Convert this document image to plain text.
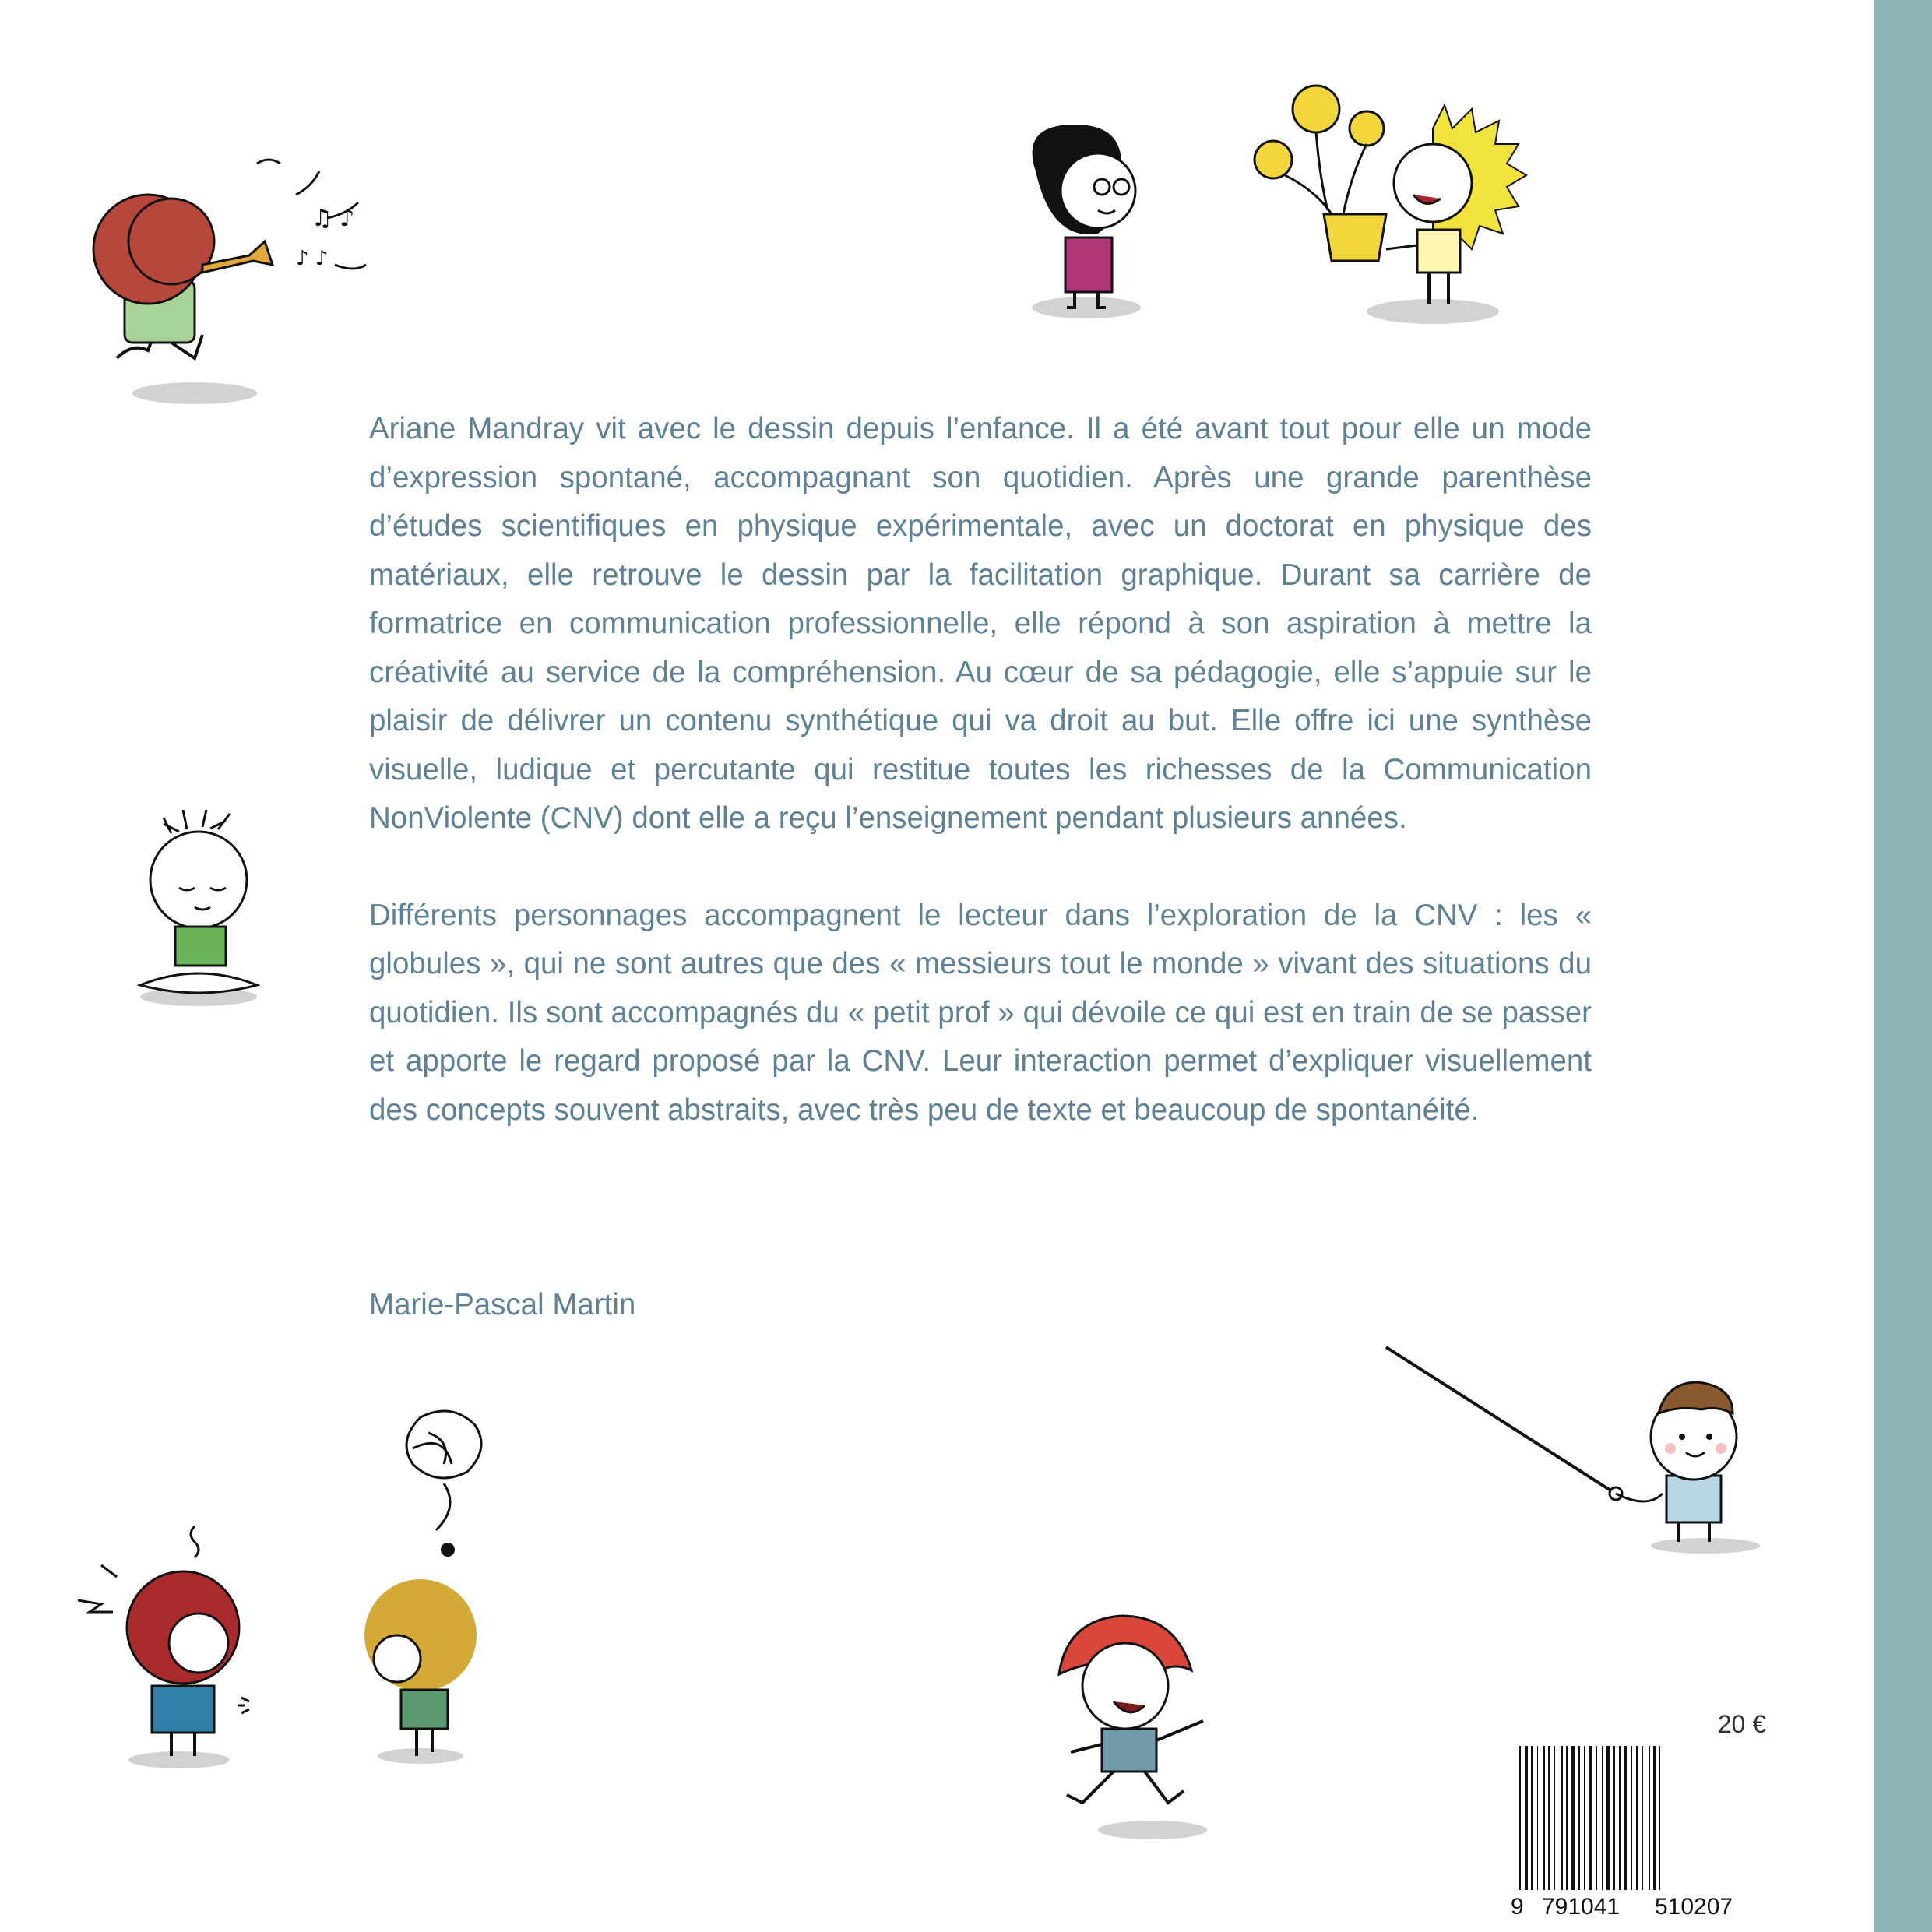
♫ ♪
♪ ♪

Ariane Mandray vit avec le dessin depuis l’enfance. Il a été avant tout pour elle un mode d’expression spontané, accompagnant son quotidien. Après une grande parenthèse d’études scientifiques en physique expérimentale, avec un doctorat en physique des matériaux, elle retrouve le dessin par la facilitation graphique. Durant sa carrière de formatrice en communication professionnelle, elle répond à son aspiration à mettre la créativité au service de la compréhension. Au cœur de sa pédagogie, elle s’appuie sur le plaisir de délivrer un contenu synthétique qui va droit au but. Elle offre ici une synthèse visuelle, ludique et percutante qui restitue toutes les richesses de la Communication NonViolente (CNV) dont elle a reçu l’enseignement pendant plusieurs années.

Différents personnages accompagnent le lecteur dans l’exploration de la CNV : les « globules », qui ne sont autres que des « messieurs tout le monde » vivant des situations du quotidien. Ils sont accompagnés du « petit prof » qui dévoile ce qui est en train de se passer et apporte le regard proposé par la CNV. Leur interaction permet d’expliquer visuellement des concepts souvent abstraits, avec très peu de texte et beaucoup de spontanéité.

Marie-Pascal Martin
20 €
9 791041 510207
